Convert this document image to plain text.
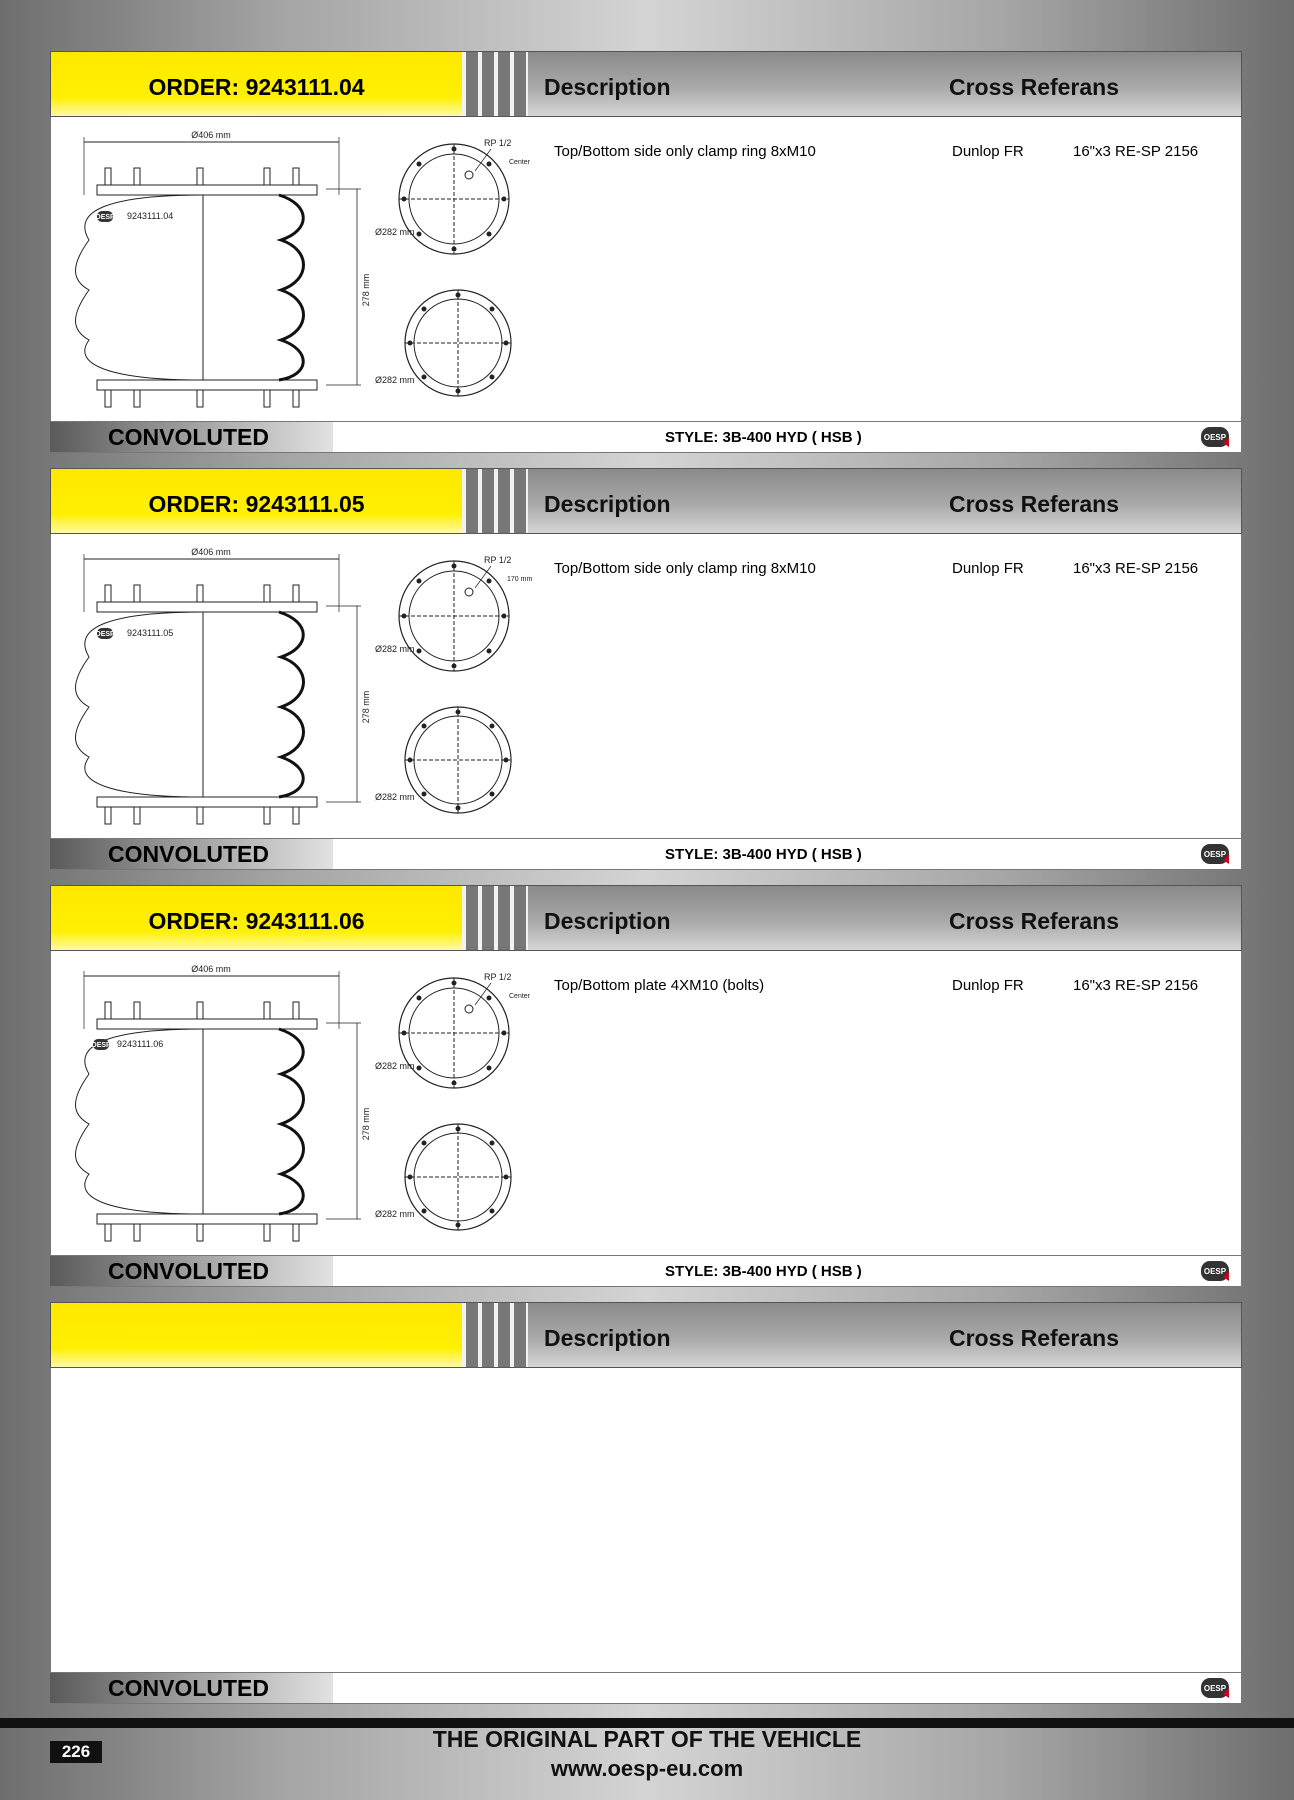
ORDER: 9243111.04	Description	Cross Referans
Ø406 mm
278 mm
OESP 9243111.04
RP 1/2
Center
Ø282 mm
Ø282 mm
Top/Bottom side only clamp ring 8xM10	Dunlop FR	16"x3 RE-SP 2156
CONVOLUTED	STYLE: 3B-400 HYD ( HSB )	OESP
ORDER: 9243111.05	Description	Cross Referans
Ø406 mm
278 mm
OESP 9243111.05
RP 1/2
170 mm
Ø282 mm
Ø282 mm
Top/Bottom side only clamp ring 8xM10	Dunlop FR	16"x3 RE-SP 2156
CONVOLUTED	STYLE: 3B-400 HYD ( HSB )	OESP
ORDER: 9243111.06	Description	Cross Referans
Ø406 mm
278 mm
OESP 9243111.06
RP 1/2
Center
Ø282 mm
Ø282 mm
Top/Bottom plate 4XM10 (bolts)	Dunlop FR	16"x3 RE-SP 2156
CONVOLUTED	STYLE: 3B-400 HYD ( HSB )	OESP
Description	Cross Referans
CONVOLUTED	OESP
226	THE ORIGINAL PART OF THE VEHICLE
www.oesp-eu.com
